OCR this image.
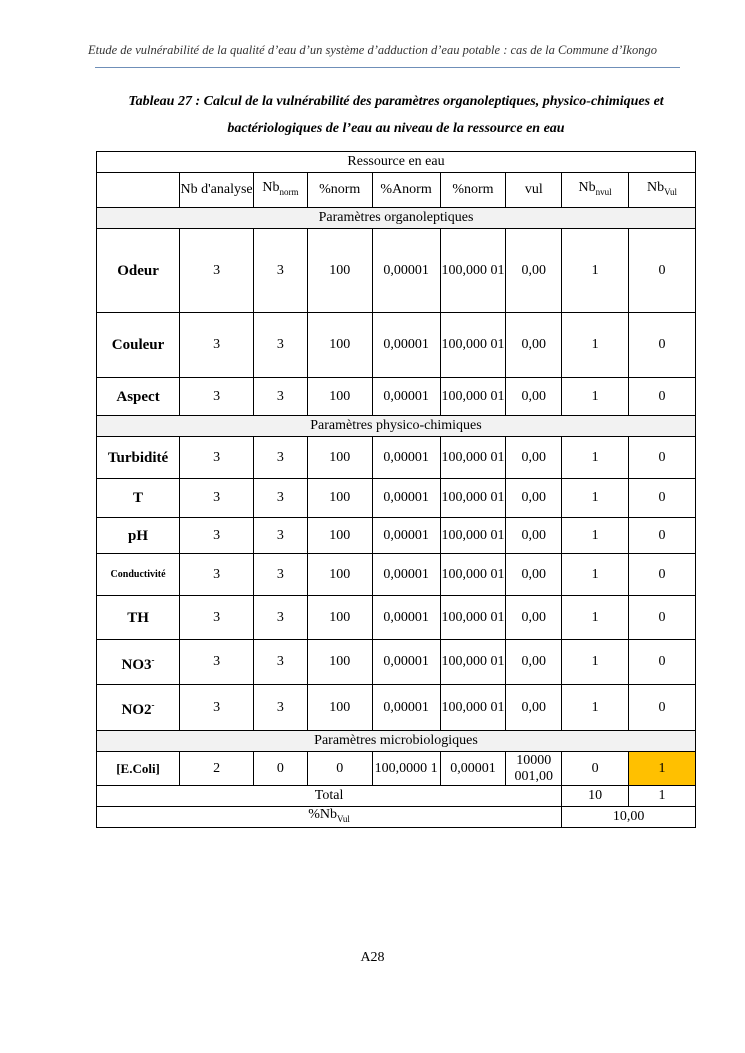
Etude de vulnérabilité de la qualité d’eau d’un système d’adduction d’eau potable : cas de la Commune d’Ikongo
Tableau 27 : Calcul de la vulnérabilité des paramètres organoleptiques, physico-chimiques et
bactériologiques de l’eau au niveau de la ressource en eau
Ressource en eau								
	Nb d'analyse	$Nb_{norm}$	%norm	%Anorm	%norm	vul	$Nb_{nvul}$	$Nb_{Vul}$
Paramètres organoleptiques								
Odeur	3	3	100	0,00001	100,000 01	0,00	1	0
Couleur	3	3	100	0,00001	100,000 01	0,00	1	0
Aspect	3	3	100	0,00001	100,000 01	0,00	1	0
Paramètres physico-chimiques								
Turbidité	3	3	100	0,00001	100,000 01	0,00	1	0
T	3	3	100	0,00001	100,000 01	0,00	1	0
pH	3	3	100	0,00001	100,000 01	0,00	1	0
Conductivité	3	3	100	0,00001	100,000 01	0,00	1	0
TH	3	3	100	0,00001	100,000 01	0,00	1	0
NO3-	3	3	100	0,00001	100,000 01	0,00	1	0
NO2-	3	3	100	0,00001	100,000 01	0,00	1	0
Paramètres microbiologiques								
[E.Coli]	2	0	0	100,0000 1	0,00001	10000 001,00	0	1
Total							10	1
$\%Nb_{Vul}$							10,00	
A28
